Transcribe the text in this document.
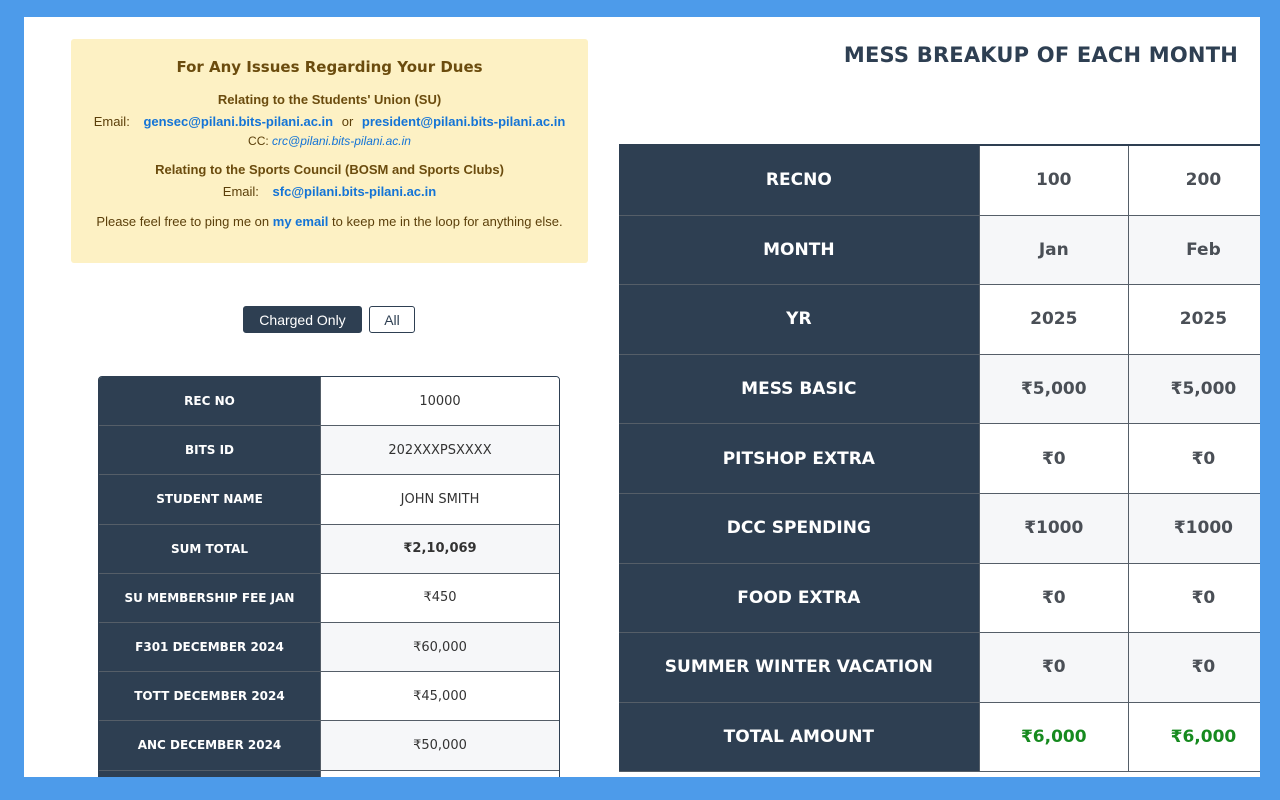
For Any Issues Regarding Your Dues
Relating to the Students' Union (SU)
Email: gensec@pilani.bits-pilani.ac.in or president@pilani.bits-pilani.ac.in
CC: crc@pilani.bits-pilani.ac.in
Relating to the Sports Council (BOSM and Sports Clubs)
Email: sfc@pilani.bits-pilani.ac.in
Please feel free to ping me on my email to keep me in the loop for anything else.
Charged Only	All
REC NO	10000
BITS ID	202XXXPSXXXX
STUDENT NAME	JOHN SMITH
SUM TOTAL	₹2,10,069
SU MEMBERSHIP FEE JAN	₹450
F301 DECEMBER 2024	₹60,000
TOTT DECEMBER 2024	₹45,000
ANC DECEMBER 2024	₹50,000
MESS BREAKUP OF EACH MONTH
RECNO	100	200
MONTH	Jan	Feb
YR	2025	2025
MESS BASIC	₹5,000	₹5,000
PITSHOP EXTRA	₹0	₹0
DCC SPENDING	₹1000	₹1000
FOOD EXTRA	₹0	₹0
SUMMER WINTER VACATION	₹0	₹0
TOTAL AMOUNT	₹6,000	₹6,000
